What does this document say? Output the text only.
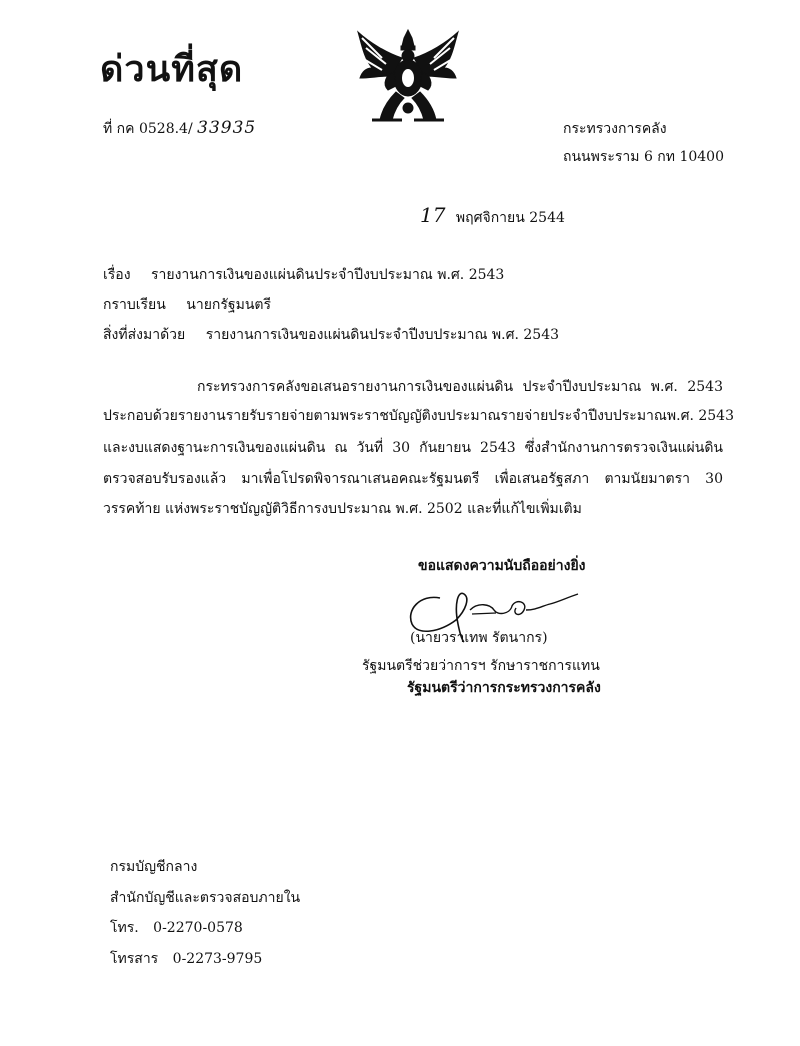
ด่วนที่สุด
ที่ กค 0528.4/ 33935	กระทรวงการคลัง
ถนนพระราม 6 กท 10400
17 พฤศจิกายน 2544
เรื่อง รายงานการเงินของแผ่นดินประจำปีงบประมาณ พ.ศ. 2543
กราบเรียน นายกรัฐมนตรี
สิ่งที่ส่งมาด้วย รายงานการเงินของแผ่นดินประจำปีงบประมาณ พ.ศ. 2543
กระทรวงการคลังขอเสนอรายงานการเงินของแผ่นดิน ประจำปีงบประมาณ พ.ศ. 2543
ประกอบด้วยรายงานรายรับรายจ่ายตามพระราชบัญญัติงบประมาณรายจ่ายประจำปีงบประมาณพ.ศ. 2543
และงบแสดงฐานะการเงินของแผ่นดิน ณ วันที่ 30 กันยายน 2543 ซึ่งสำนักงานการตรวจเงินแผ่นดิน
ตรวจสอบรับรองแล้ว มาเพื่อโปรดพิจารณาเสนอคณะรัฐมนตรี เพื่อเสนอรัฐสภา ตามนัยมาตรา 30
วรรคท้าย แห่งพระราชบัญญัติวิธีการงบประมาณ พ.ศ. 2502 และที่แก้ไขเพิ่มเติม
ขอแสดงความนับถืออย่างยิ่ง
(นายวราเทพ รัตนากร)
รัฐมนตรีช่วยว่าการฯ รักษาราชการแทน
รัฐมนตรีว่าการกระทรวงการคลัง
กรมบัญชีกลาง
สำนักบัญชีและตรวจสอบภายใน
โทร. 0-2270-0578
โทรสาร 0-2273-9795
